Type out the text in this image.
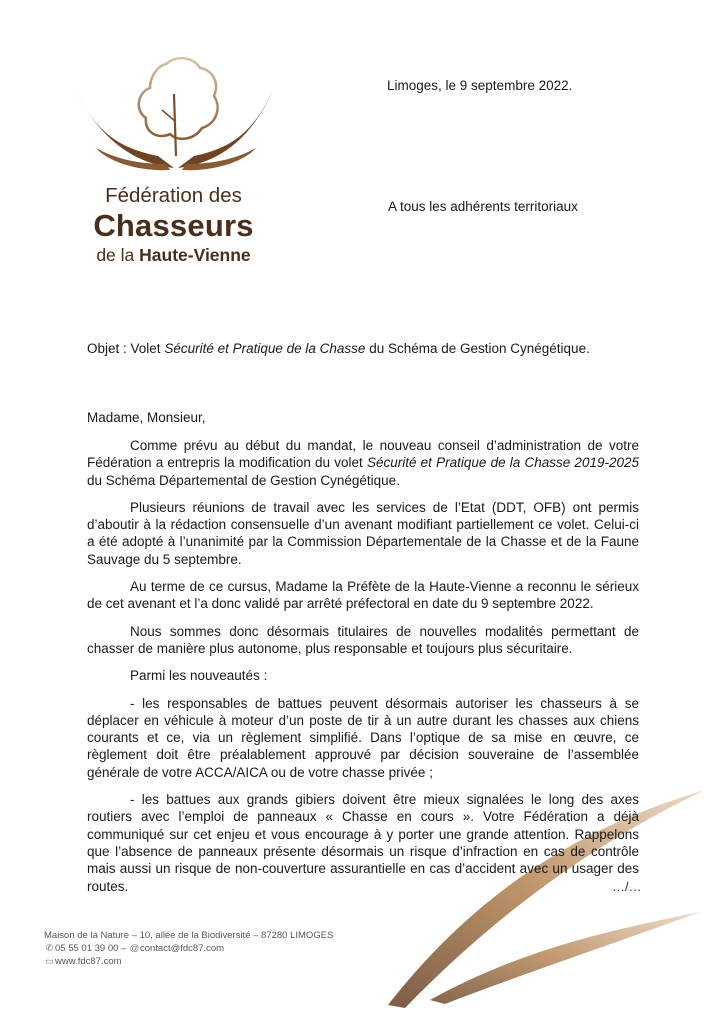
Fédération des
Chasseurs
de la Haute-Vienne
Limoges, le 9 septembre 2022.
A tous les adhérents territoriaux
Objet : Volet Sécurité et Pratique de la Chasse du Schéma de Gestion Cynégétique.
Madame, Monsieur,

Comme prévu au début du mandat, le nouveau conseil d’administration de votre Fédération a entrepris la modification du volet Sécurité et Pratique de la Chasse 2019-2025 du Schéma Départemental de Gestion Cynégétique.

Plusieurs réunions de travail avec les services de l’Etat (DDT, OFB) ont permis d’aboutir à la rédaction consensuelle d’un avenant modifiant partiellement ce volet. Celui-ci a été adopté à l’unanimité par la Commission Départementale de la Chasse et de la Faune Sauvage du 5 septembre.

Au terme de ce cursus, Madame la Préfète de la Haute-Vienne a reconnu le sérieux de cet avenant et l’a donc validé par arrêté préfectoral en date du 9 septembre 2022.

Nous sommes donc désormais titulaires de nouvelles modalités permettant de chasser de manière plus autonome, plus responsable et toujours plus sécuritaire.

Parmi les nouveautés :

- les responsables de battues peuvent désormais autoriser les chasseurs à se déplacer en véhicule à moteur d’un poste de tir à un autre durant les chasses aux chiens courants et ce, via un règlement simplifié. Dans l’optique de sa mise en œuvre, ce règlement doit être préalablement approuvé par décision souveraine de l’assemblée générale de votre ACCA/AICA ou de votre chasse privée ;

- les battues aux grands gibiers doivent être mieux signalées le long des axes routiers avec l’emploi de panneaux « Chasse en cours ». Votre Fédération a déjà communiqué sur cet enjeu et vous encourage à y porter une grande attention. Rappelons que l’absence de panneaux présente désormais un risque d’infraction en cas de contrôle mais aussi un risque de non-couverture assurantielle en cas d’accident avec un usager des routes.	…/…
Maison de la Nature – 10, allée de la Biodiversité – 87280 LIMOGES
✆ 05 55 01 39 00 – @contact@fdc87.com
▭www.fdc87.com
